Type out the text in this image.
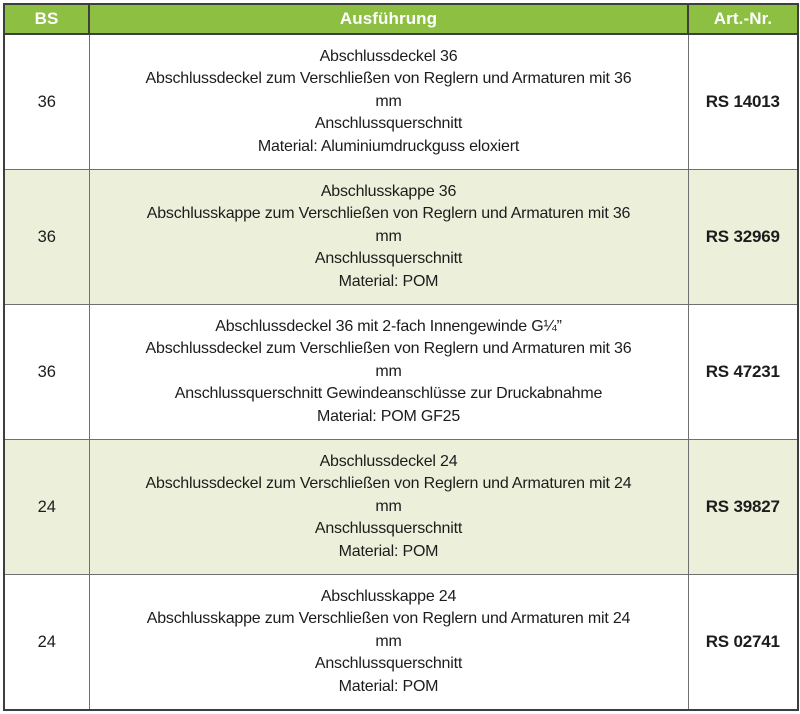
BS	Ausführung	Art.-Nr.
36	Abschlussdeckel 36
Abschlussdeckel zum Verschließen von Reglern und Armaturen mit 36
mm
Anschlussquerschnitt
Material: Aluminiumdruckguss eloxiert	RS 14013
36	Abschlusskappe 36
Abschlusskappe zum Verschließen von Reglern und Armaturen mit 36
mm
Anschlussquerschnitt
Material: POM	RS 32969
36	Abschlussdeckel 36 mit 2-fach Innengewinde G¼”
Abschlussdeckel zum Verschließen von Reglern und Armaturen mit 36
mm
Anschlussquerschnitt Gewindeanschlüsse zur Druckabnahme
Material: POM GF25	RS 47231
24	Abschlussdeckel 24
Abschlussdeckel zum Verschließen von Reglern und Armaturen mit 24
mm
Anschlussquerschnitt
Material: POM	RS 39827
24	Abschlusskappe 24
Abschlusskappe zum Verschließen von Reglern und Armaturen mit 24
mm
Anschlussquerschnitt
Material: POM	RS 02741
